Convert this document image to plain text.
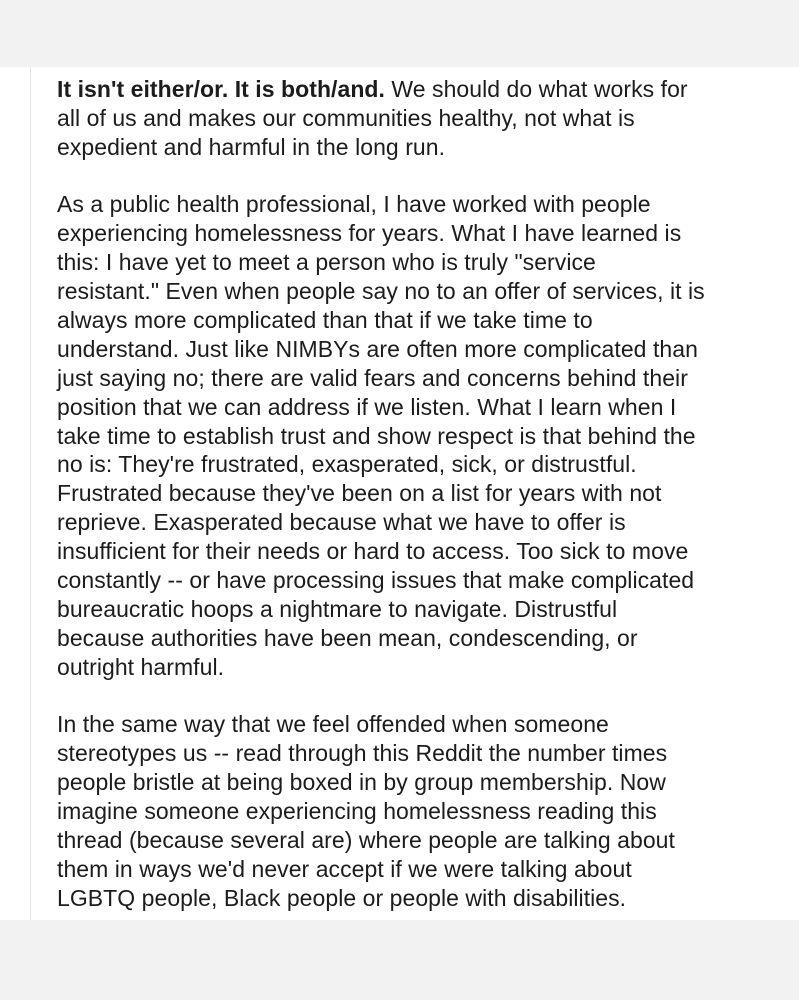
It isn't either/or. It is both/and. We should do what works for
all of us and makes our communities healthy, not what is
expedient and harmful in the long run.

As a public health professional, I have worked with people
experiencing homelessness for years. What I have learned is
this: I have yet to meet a person who is truly "service
resistant." Even when people say no to an offer of services, it is
always more complicated than that if we take time to
understand. Just like NIMBYs are often more complicated than
just saying no; there are valid fears and concerns behind their
position that we can address if we listen. What I learn when I
take time to establish trust and show respect is that behind the
no is: They're frustrated, exasperated, sick, or distrustful.
Frustrated because they've been on a list for years with not
reprieve. Exasperated because what we have to offer is
insufficient for their needs or hard to access. Too sick to move
constantly -- or have processing issues that make complicated
bureaucratic hoops a nightmare to navigate. Distrustful
because authorities have been mean, condescending, or
outright harmful.

In the same way that we feel offended when someone
stereotypes us -- read through this Reddit the number times
people bristle at being boxed in by group membership. Now
imagine someone experiencing homelessness reading this
thread (because several are) where people are talking about
them in ways we'd never accept if we were talking about
LGBTQ people, Black people or people with disabilities.
